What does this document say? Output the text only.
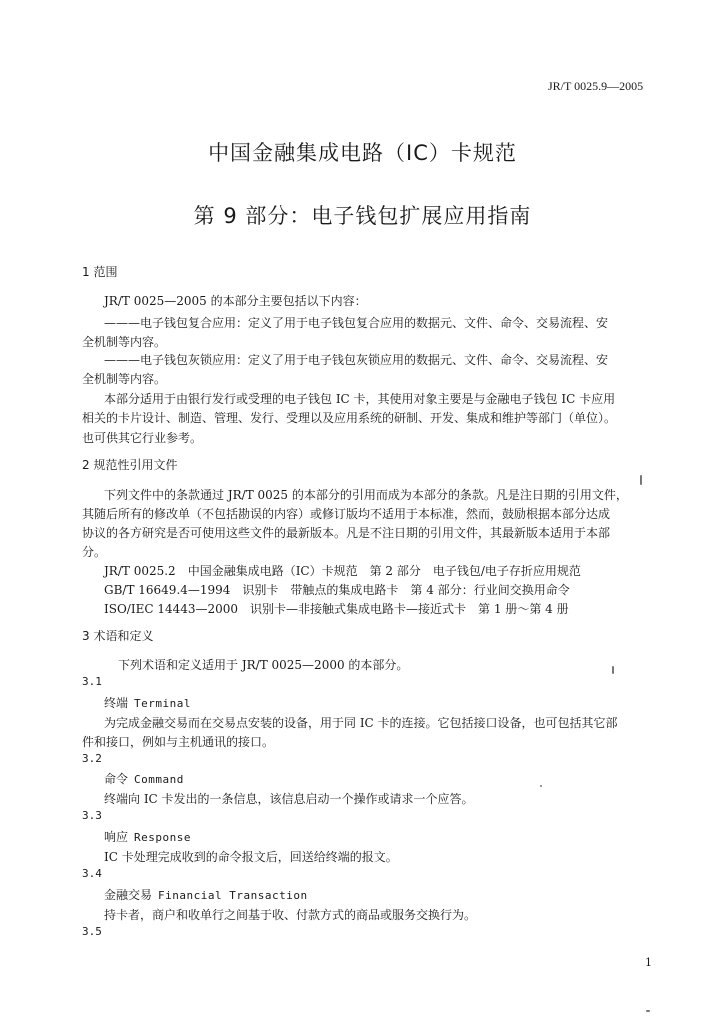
JR/T 0025.9—2005
中国金融集成电路（IC）卡规范
第 9 部分：电子钱包扩展应用指南
1 范围
JR/T 0025—2005 的本部分主要包括以下内容：
———电子钱包复合应用：定义了用于电子钱包复合应用的数据元、文件、命令、交易流程、安
全机制等内容。
———电子钱包灰锁应用：定义了用于电子钱包灰锁应用的数据元、文件、命令、交易流程、安
全机制等内容。
本部分适用于由银行发行或受理的电子钱包 IC 卡，其使用对象主要是与金融电子钱包 IC 卡应用
相关的卡片设计、制造、管理、发行、受理以及应用系统的研制、开发、集成和维护等部门（单位）。
也可供其它行业参考。
2 规范性引用文件
下列文件中的条款通过 JR/T 0025 的本部分的引用而成为本部分的条款。凡是注日期的引用文件，
其随后所有的修改单（不包括勘误的内容）或修订版均不适用于本标准，然而，鼓励根据本部分达成
协议的各方研究是否可使用这些文件的最新版本。凡是不注日期的引用文件，其最新版本适用于本部
分。
JR/T 0025.2　中国金融集成电路（IC）卡规范　第 2 部分　电子钱包/电子存折应用规范
GB/T 16649.4—1994　识别卡　带触点的集成电路卡　第 4 部分：行业间交换用命令
ISO/IEC 14443—2000　识别卡—非接触式集成电路卡—接近式卡　第 1 册～第 4 册
3 术语和定义
下列术语和定义适用于 JR/T 0025—2000 的本部分。
3.1
终端 Terminal
为完成金融交易而在交易点安装的设备，用于同 IC 卡的连接。它包括接口设备，也可包括其它部
件和接口，例如与主机通讯的接口。
3.2
命令 Command
终端向 IC 卡发出的一条信息，该信息启动一个操作或请求一个应答。
3.3
响应 Response
IC 卡处理完成收到的命令报文后，回送给终端的报文。
3.4
金融交易 Financial Transaction
持卡者，商户和收单行之间基于收、付款方式的商品或服务交换行为。
3.5
1
